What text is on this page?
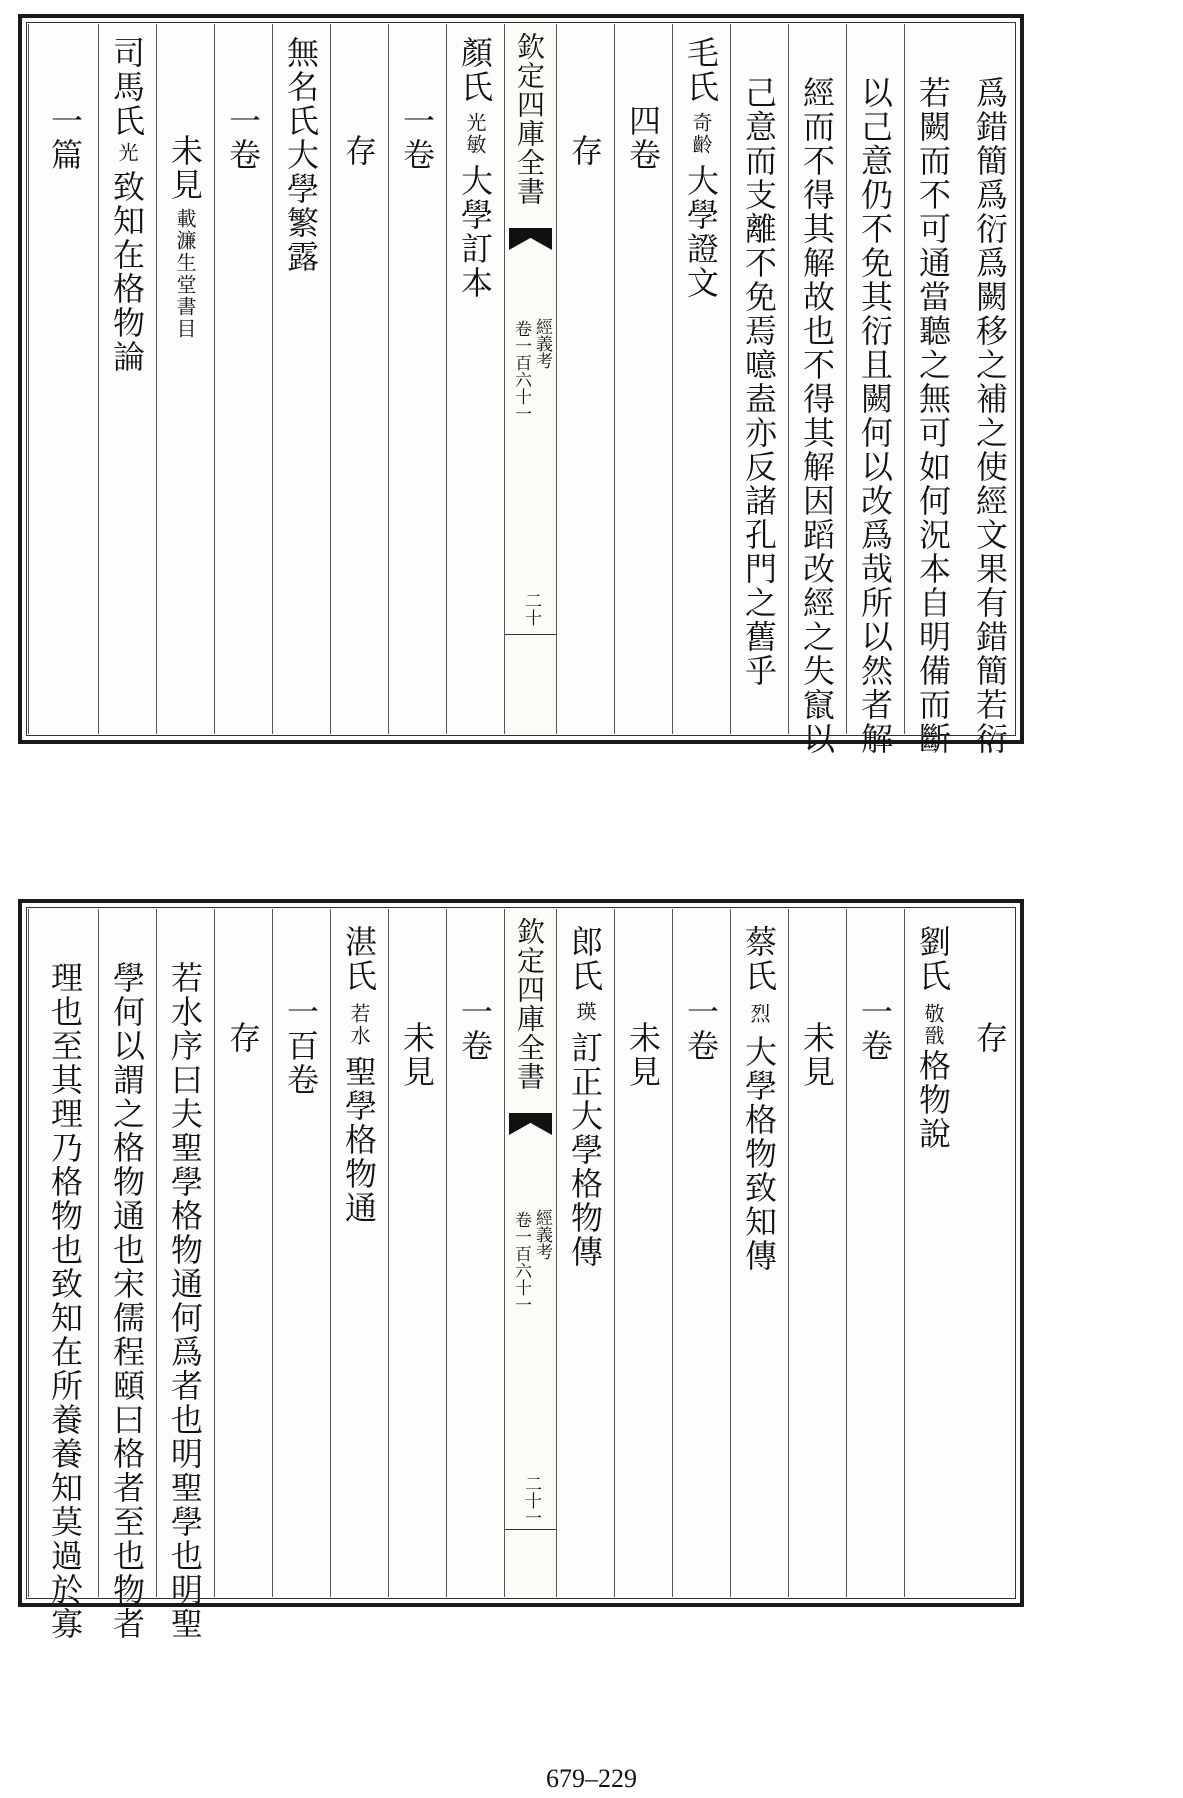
爲錯簡爲衍爲闕移之補之使經文果有錯簡若衍
若闕而不可通當聽之無可如何況本自明備而斷
以己意仍不免其衍且闕何以改爲哉所以然者解
經而不得其解故也不得其解因蹈改經之失竄以
己意而支離不免焉噫盍亦反諸孔門之舊乎
毛氏
奇齡
大學證文
四卷
存
欽定四庫全書
經義考
卷一百六十一
二十
顏氏
光敏
大學訂本
一卷
存
無名氏大學繁露
一卷
未見
載濂生堂書目
司馬氏
光
致知在格物論
一篇
存
劉氏
敬戩
格物說
一卷
未見
蔡氏
烈
大學格物致知傳
一卷
未見
郎氏
瑛
訂正大學格物傳
欽定四庫全書
經義考
卷一百六十一
二十一
一卷
未見
湛氏
若水
聖學格物通
一百卷
存
若水序曰夫聖學格物通何爲者也明聖學也明聖
學何以謂之格物通也宋儒程頤曰格者至也物者
理也至其理乃格物也致知在所養養知莫過於寡
679–229
